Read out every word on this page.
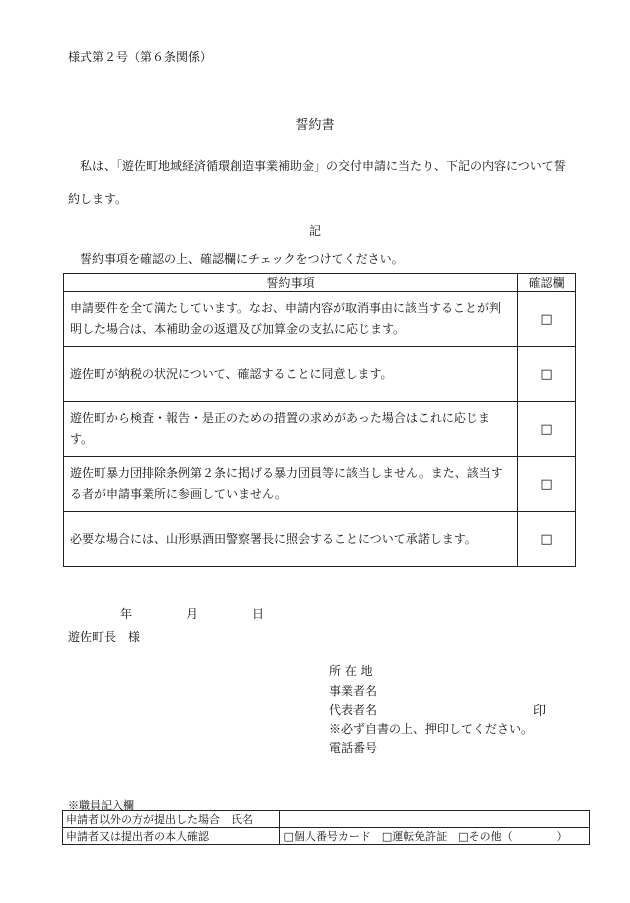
様式第２号（第６条関係）
誓約書
私は、「遊佐町地域経済循環創造事業補助金」の交付申請に当たり、下記の内容について誓約します。
記
誓約事項を確認の上、確認欄にチェックをつけてください。
誓約事項	確認欄
申請要件を全て満たしています。なお、申請内容が取消事由に該当することが判明した場合は、本補助金の返還及び加算金の支払に応じます。	□
遊佐町が納税の状況について、確認することに同意します。	□
遊佐町から検査・報告・是正のための措置の求めがあった場合はこれに応じます。	□
遊佐町暴力団排除条例第２条に掲げる暴力団員等に該当しません。また、該当する者が申請事業所に参画していません。	□
必要な場合には、山形県酒田警察署長に照会することについて承諾します。	□
年	月	日
遊佐町長　様
所 在 地
事業者名
代表者名	印
※必ず自書の上、押印してください。
電話番号
※職員記入欄
申請者以外の方が提出した場合　氏名	
申請者又は提出者の本人確認	□個人番号カード　□運転免許証　□その他（　　　　）
